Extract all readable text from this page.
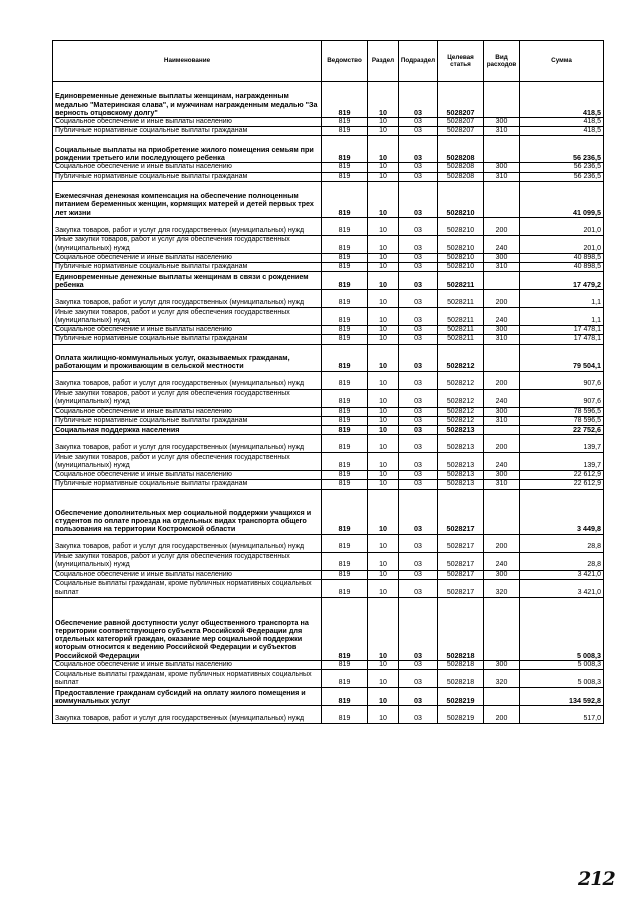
Наименование	Ведомство	Раздел	Подраздел	Целевая статья	Вид расходов	Сумма
Единовременные денежные выплаты женщинам, награжденным медалью "Материнская слава", и мужчинам награжденным медалью "За верность отцовскому долгу"	819	10	03	5028207		418,5
Социальное обеспечение и иные выплаты населению	819	10	03	5028207	300	418,5
Публичные нормативные социальные выплаты гражданам	819	10	03	5028207	310	418,5
Социальные выплаты на приобретение жилого помещения семьям при рождении третьего или последующего ребенка	819	10	03	5028208		56 236,5
Социальное обеспечение и иные выплаты населению	819	10	03	5028208	300	56 236,5
Публичные нормативные социальные выплаты гражданам	819	10	03	5028208	310	56 236,5
Ежемесячная денежная компенсация на обеспечение полноценным питанием беременных женщин, кормящих матерей и детей первых трех лет жизни	819	10	03	5028210		41 099,5
Закупка товаров, работ и услуг для государственных (муниципальных) нужд	819	10	03	5028210	200	201,0
Иные закупки товаров, работ и услуг для обеспечения государственных (муниципальных) нужд	819	10	03	5028210	240	201,0
Социальное обеспечение и иные выплаты населению	819	10	03	5028210	300	40 898,5
Публичные нормативные социальные выплаты гражданам	819	10	03	5028210	310	40 898,5
Единовременные денежные выплаты женщинам в связи с рождением ребенка	819	10	03	5028211		17 479,2
Закупка товаров, работ и услуг для государственных (муниципальных) нужд	819	10	03	5028211	200	1,1
Иные закупки товаров, работ и услуг для обеспечения государственных (муниципальных) нужд	819	10	03	5028211	240	1,1
Социальное обеспечение и иные выплаты населению	819	10	03	5028211	300	17 478,1
Публичные нормативные социальные выплаты гражданам	819	10	03	5028211	310	17 478,1
Оплата жилищно-коммунальных услуг, оказываемых гражданам, работающим и проживающим в сельской местности	819	10	03	5028212		79 504,1
Закупка товаров, работ и услуг для государственных (муниципальных) нужд	819	10	03	5028212	200	907,6
Иные закупки товаров, работ и услуг для обеспечения государственных (муниципальных) нужд	819	10	03	5028212	240	907,6
Социальное обеспечение и иные выплаты населению	819	10	03	5028212	300	78 596,5
Публичные нормативные социальные выплаты гражданам	819	10	03	5028212	310	78 596,5
Социальная поддержка населения	819	10	03	5028213		22 752,6
Закупка товаров, работ и услуг для государственных (муниципальных) нужд	819	10	03	5028213	200	139,7
Иные закупки товаров, работ и услуг для обеспечения государственных (муниципальных) нужд	819	10	03	5028213	240	139,7
Социальное обеспечение и иные выплаты населению	819	10	03	5028213	300	22 612,9
Публичные нормативные социальные выплаты гражданам	819	10	03	5028213	310	22 612,9
Обеспечение дополнительных мер социальной поддержки учащихся и студентов по оплате проезда на отдельных видах транспорта общего пользования на территории Костромской области	819	10	03	5028217		3 449,8
Закупка товаров, работ и услуг для государственных (муниципальных) нужд	819	10	03	5028217	200	28,8
Иные закупки товаров, работ и услуг для обеспечения государственных (муниципальных) нужд	819	10	03	5028217	240	28,8
Социальное обеспечение и иные выплаты населению	819	10	03	5028217	300	3 421,0
Социальные выплаты гражданам, кроме публичных нормативных социальных выплат	819	10	03	5028217	320	3 421,0
Обеспечение равной доступности услуг общественного транспорта на территории соответствующего субъекта Российской Федерации для отдельных категорий граждан, оказание мер социальной поддержки которым относится к ведению Российской Федерации и субъектов Российской Федерации	819	10	03	5028218		5 008,3
Социальное обеспечение и иные выплаты населению	819	10	03	5028218	300	5 008,3
Социальные выплаты гражданам, кроме публичных нормативных социальных выплат	819	10	03	5028218	320	5 008,3
Предоставление гражданам субсидий на оплату жилого помещения и коммунальных услуг	819	10	03	5028219		134 592,8
Закупка товаров, работ и услуг для государственных (муниципальных) нужд	819	10	03	5028219	200	517,0
212
